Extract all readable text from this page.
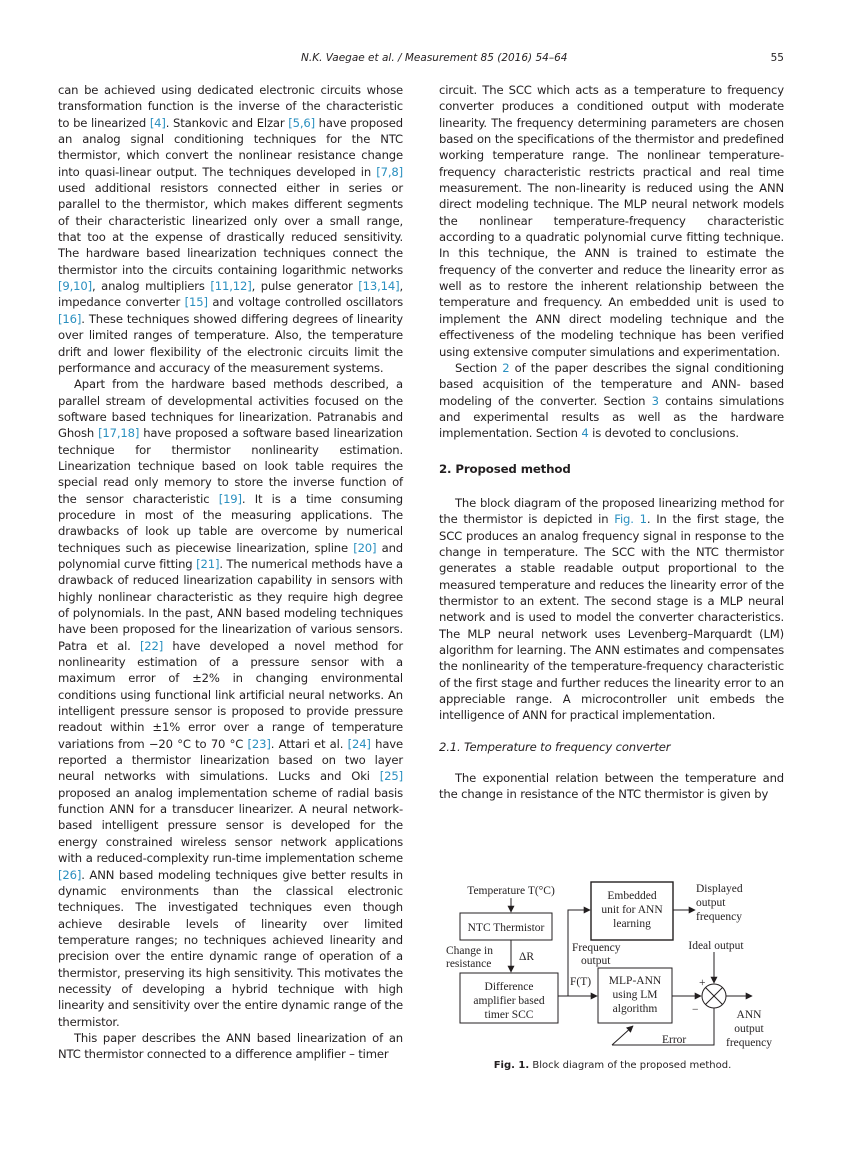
N.K. Vaegae et al. / Measurement 85 (2016) 54–64	55

can be achieved using dedicated electronic circuits whose transformation function is the inverse of the characteristic to be linearized [4]. Stankovic and Elzar [5,6] have proposed an analog signal conditioning techniques for the NTC thermistor, which convert the nonlinear resistance change into quasi-linear output. The techniques developed in [7,8] used additional resistors connected either in series or parallel to the thermistor, which makes different segments of their characteristic linearized only over a small range, that too at the expense of drastically reduced sensitivity. The hardware based linearization techniques connect the thermistor into the circuits containing logarithmic networks [9,10], analog multipliers [11,12], pulse generator [13,14], impedance converter [15] and voltage controlled oscillators [16]. These techniques showed differing degrees of linearity over limited ranges of temperature. Also, the temperature drift and lower flexibility of the electronic circuits limit the performance and accuracy of the measurement systems.

Apart from the hardware based methods described, a parallel stream of developmental activities focused on the software based techniques for linearization. Patranabis and Ghosh [17,18] have proposed a software based linearization technique for thermistor nonlinearity estimation. Linearization technique based on look table requires the special read only memory to store the inverse function of the sensor characteristic [19]. It is a time consuming procedure in most of the measuring applications. The drawbacks of look up table are overcome by numerical techniques such as piecewise linearization, spline [20] and polynomial curve fitting [21]. The numerical methods have a drawback of reduced linearization capability in sensors with highly nonlinear characteristic as they require high degree of polynomials. In the past, ANN based modeling techniques have been proposed for the linearization of various sensors. Patra et al. [22] have developed a novel method for nonlinearity estimation of a pressure sensor with a maximum error of ±2% in changing environmental conditions using functional link artificial neural networks. An intelligent pressure sensor is proposed to provide pressure readout within ±1% error over a range of temperature variations from −20 °C to 70 °C [23]. Attari et al. [24] have reported a thermistor linearization based on two layer neural networks with simulations. Lucks and Oki [25] proposed an analog implementation scheme of radial basis function ANN for a transducer linearizer. A neural network-based intelligent pressure sensor is developed for the energy constrained wireless sensor network applications with a reduced-complexity run-time implementation scheme [26]. ANN based modeling techniques give better results in dynamic environments than the classical electronic techniques. The investigated techniques even though achieve desirable levels of linearity over limited temperature ranges; no techniques achieved linearity and precision over the entire dynamic range of operation of a thermistor, preserving its high sensitivity. This motivates the necessity of developing a hybrid technique with high linearity and sensitivity over the entire dynamic range of the thermistor.

This paper describes the ANN based linearization of an NTC thermistor connected to a difference amplifier – timer

circuit. The SCC which acts as a temperature to frequency converter produces a conditioned output with moderate linearity. The frequency determining parameters are chosen based on the specifications of the thermistor and predefined working temperature range. The nonlinear temperature-frequency characteristic restricts practical and real time measurement. The non-linearity is reduced using the ANN direct modeling technique. The MLP neural network models the nonlinear temperature-frequency characteristic according to a quadratic polynomial curve fitting technique. In this technique, the ANN is trained to estimate the frequency of the converter and reduce the linearity error as well as to restore the inherent relationship between the temperature and frequency. An embedded unit is used to implement the ANN direct modeling technique and the effectiveness of the modeling technique has been verified using extensive computer simulations and experimentation.

Section 2 of the paper describes the signal conditioning based acquisition of the temperature and ANN- based modeling of the converter. Section 3 contains simulations and experimental results as well as the hardware implementation. Section 4 is devoted to conclusions.

2. Proposed method

The block diagram of the proposed linearizing method for the thermistor is depicted in Fig. 1. In the first stage, the SCC produces an analog frequency signal in response to the change in temperature. The SCC with the NTC thermistor generates a stable readable output proportional to the measured temperature and reduces the linearity error of the thermistor to an extent. The second stage is a MLP neural network and is used to model the converter characteristics. The MLP neural network uses Levenberg–Marquardt (LM) algorithm for learning. The ANN estimates and compensates the nonlinearity of the temperature-frequency characteristic of the first stage and further reduces the linearity error to an appreciable range. A microcontroller unit embeds the intelligence of ANN for practical implementation.

2.1. Temperature to frequency converter

The exponential relation between the temperature and the change in resistance of the NTC thermistor is given by

Temperature T(°C)
NTC Thermistor
Change in
resistance
ΔR
Difference
amplifier based
timer SCC
Frequency
output
F(T)
Embedded
unit for ANN
learning
Displayed
output
frequency
MLP-ANN
using LM
algorithm
Ideal output
+
−
Error
ANN
output
frequency
Fig. 1. Block diagram of the proposed method.
